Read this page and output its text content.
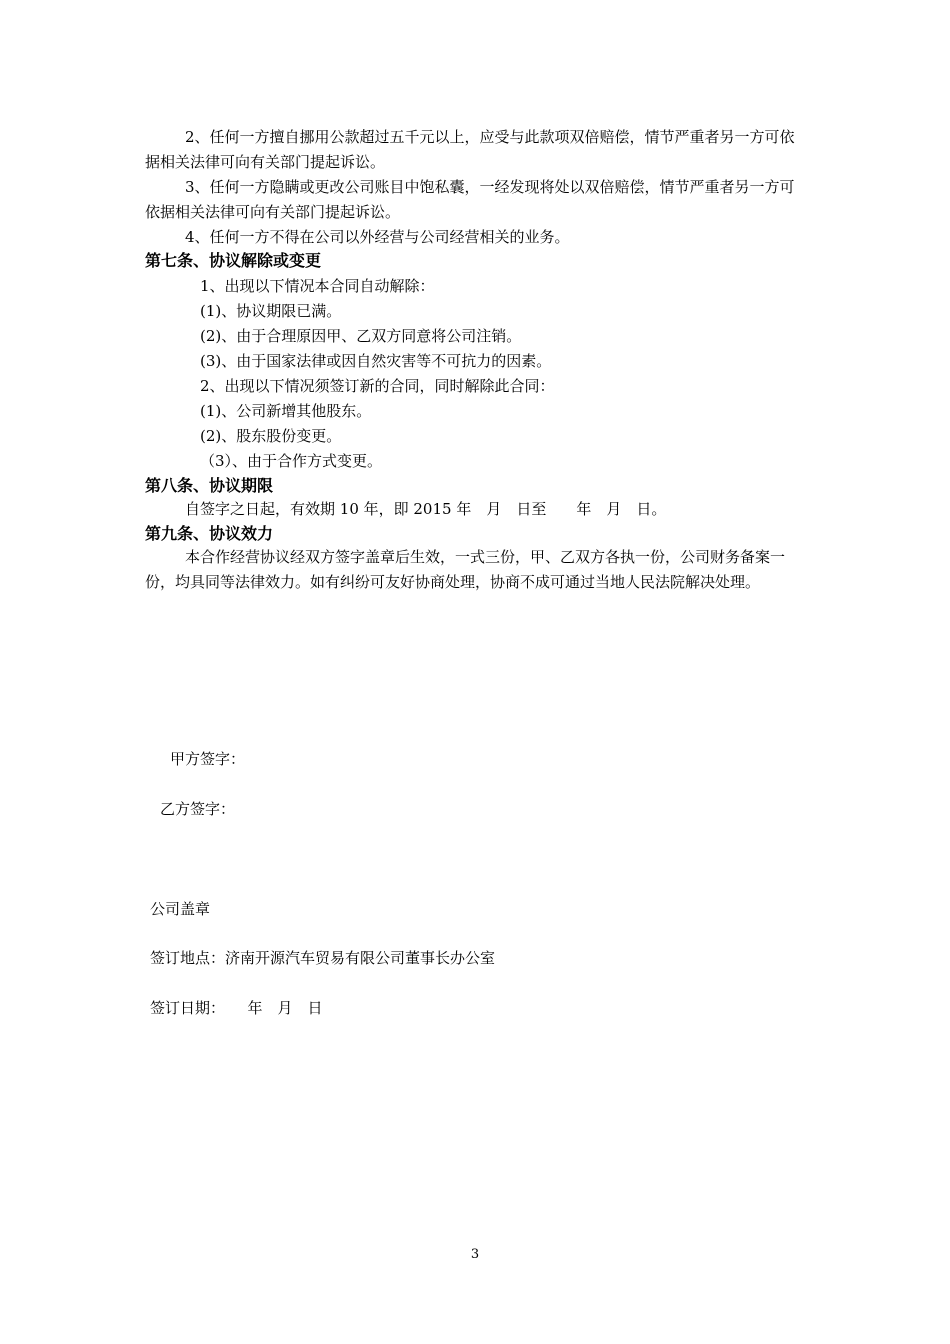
2、任何一方擅自挪用公款超过五千元以上，应受与此款项双倍赔偿，情节严重者另一方可依据相关法律可向有关部门提起诉讼。
3、任何一方隐瞒或更改公司账目中饱私囊，一经发现将处以双倍赔偿，情节严重者另一方可依据相关法律可向有关部门提起诉讼。
4、任何一方不得在公司以外经营与公司经营相关的业务。
第七条、协议解除或变更
1、出现以下情况本合同自动解除：
(1)、协议期限已满。
(2)、由于合理原因甲、乙双方同意将公司注销。
(3)、由于国家法律或因自然灾害等不可抗力的因素。
2、出现以下情况须签订新的合同，同时解除此合同：
(1)、公司新增其他股东。
(2)、股东股份变更。
（3）、由于合作方式变更。
第八条、协议期限
自签字之日起，有效期 10 年，即 2015 年　月　日至　　年　月　日。
第九条、协议效力
本合作经营协议经双方签字盖章后生效，一式三份，甲、乙双方各执一份，公司财务备案一份，均具同等法律效力。如有纠纷可友好协商处理，协商不成可通过当地人民法院解决处理。
甲方签字：
乙方签字：
公司盖章
签订地点：济南开源汽车贸易有限公司董事长办公室
签订日期：　　年　月　日
3
